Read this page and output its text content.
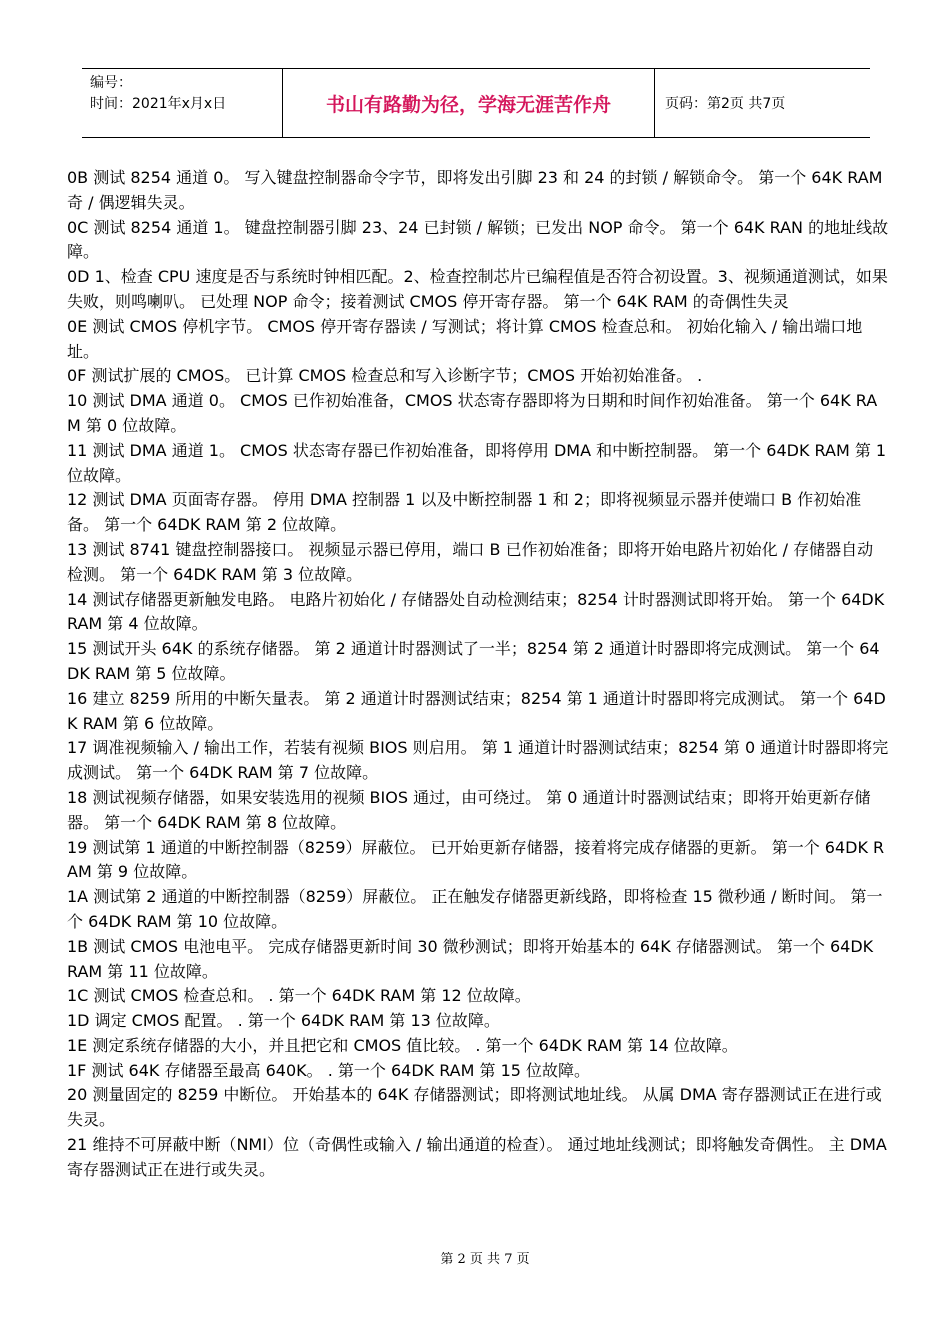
编号：
时间：2021年x月x日	书山有路勤为径，学海无涯苦作舟	页码：第2页 共7页

0B 测试 8254 通道 0。 写入键盘控制器命令字节，即将发出引脚 23 和 24 的封锁 / 解锁命令。 第一个 64K RAM 奇 / 偶逻辑失灵。

0C 测试 8254 通道 1。 键盘控制器引脚 23、24 已封锁 / 解锁；已发出 NOP 命令。 第一个 64K RAN 的地址线故障。

0D 1、检查 CPU 速度是否与系统时钟相匹配。2、检查控制芯片已编程值是否符合初设置。3、视频通道测试，如果失败，则鸣喇叭。 已处理 NOP 命令；接着测试 CMOS 停开寄存器。 第一个 64K RAM 的奇偶性失灵

0E 测试 CMOS 停机字节。 CMOS 停开寄存器读 / 写测试；将计算 CMOS 检查总和。 初始化输入 / 输出端口地址。

0F 测试扩展的 CMOS。 已计算 CMOS 检查总和写入诊断字节；CMOS 开始初始准备。 .

10 测试 DMA 通道 0。 CMOS 已作初始准备，CMOS 状态寄存器即将为日期和时间作初始准备。 第一个 64K RAM 第 0 位故障。

11 测试 DMA 通道 1。 CMOS 状态寄存器已作初始准备，即将停用 DMA 和中断控制器。 第一个 64DK RAM 第 1 位故障。

12 测试 DMA 页面寄存器。 停用 DMA 控制器 1 以及中断控制器 1 和 2；即将视频显示器并使端口 B 作初始准备。 第一个 64DK RAM 第 2 位故障。

13 测试 8741 键盘控制器接口。 视频显示器已停用，端口 B 已作初始准备；即将开始电路片初始化 / 存储器自动检测。 第一个 64DK RAM 第 3 位故障。

14 测试存储器更新触发电路。 电路片初始化 / 存储器处自动检测结束；8254 计时器测试即将开始。 第一个 64DK RAM 第 4 位故障。

15 测试开头 64K 的系统存储器。 第 2 通道计时器测试了一半；8254 第 2 通道计时器即将完成测试。 第一个 64DK RAM 第 5 位故障。

16 建立 8259 所用的中断矢量表。 第 2 通道计时器测试结束；8254 第 1 通道计时器即将完成测试。 第一个 64DK RAM 第 6 位故障。

17 调准视频输入 / 输出工作，若装有视频 BIOS 则启用。 第 1 通道计时器测试结束；8254 第 0 通道计时器即将完成测试。 第一个 64DK RAM 第 7 位故障。

18 测试视频存储器，如果安装选用的视频 BIOS 通过，由可绕过。 第 0 通道计时器测试结束；即将开始更新存储器。 第一个 64DK RAM 第 8 位故障。

19 测试第 1 通道的中断控制器（8259）屏蔽位。 已开始更新存储器，接着将完成存储器的更新。 第一个 64DK RAM 第 9 位故障。

1A 测试第 2 通道的中断控制器（8259）屏蔽位。 正在触发存储器更新线路，即将检查 15 微秒通 / 断时间。 第一个 64DK RAM 第 10 位故障。

1B 测试 CMOS 电池电平。 完成存储器更新时间 30 微秒测试；即将开始基本的 64K 存储器测试。 第一个 64DK RAM 第 11 位故障。

1C 测试 CMOS 检查总和。 . 第一个 64DK RAM 第 12 位故障。

1D 调定 CMOS 配置。 . 第一个 64DK RAM 第 13 位故障。

1E 测定系统存储器的大小，并且把它和 CMOS 值比较。 . 第一个 64DK RAM 第 14 位故障。

1F 测试 64K 存储器至最高 640K。 . 第一个 64DK RAM 第 15 位故障。

20 测量固定的 8259 中断位。 开始基本的 64K 存储器测试；即将测试地址线。 从属 DMA 寄存器测试正在进行或失灵。

21 维持不可屏蔽中断（NMI）位（奇偶性或输入 / 输出通道的检查）。 通过地址线测试；即将触发奇偶性。 主 DMA 寄存器测试正在进行或失灵。

第 2 页 共 7 页
